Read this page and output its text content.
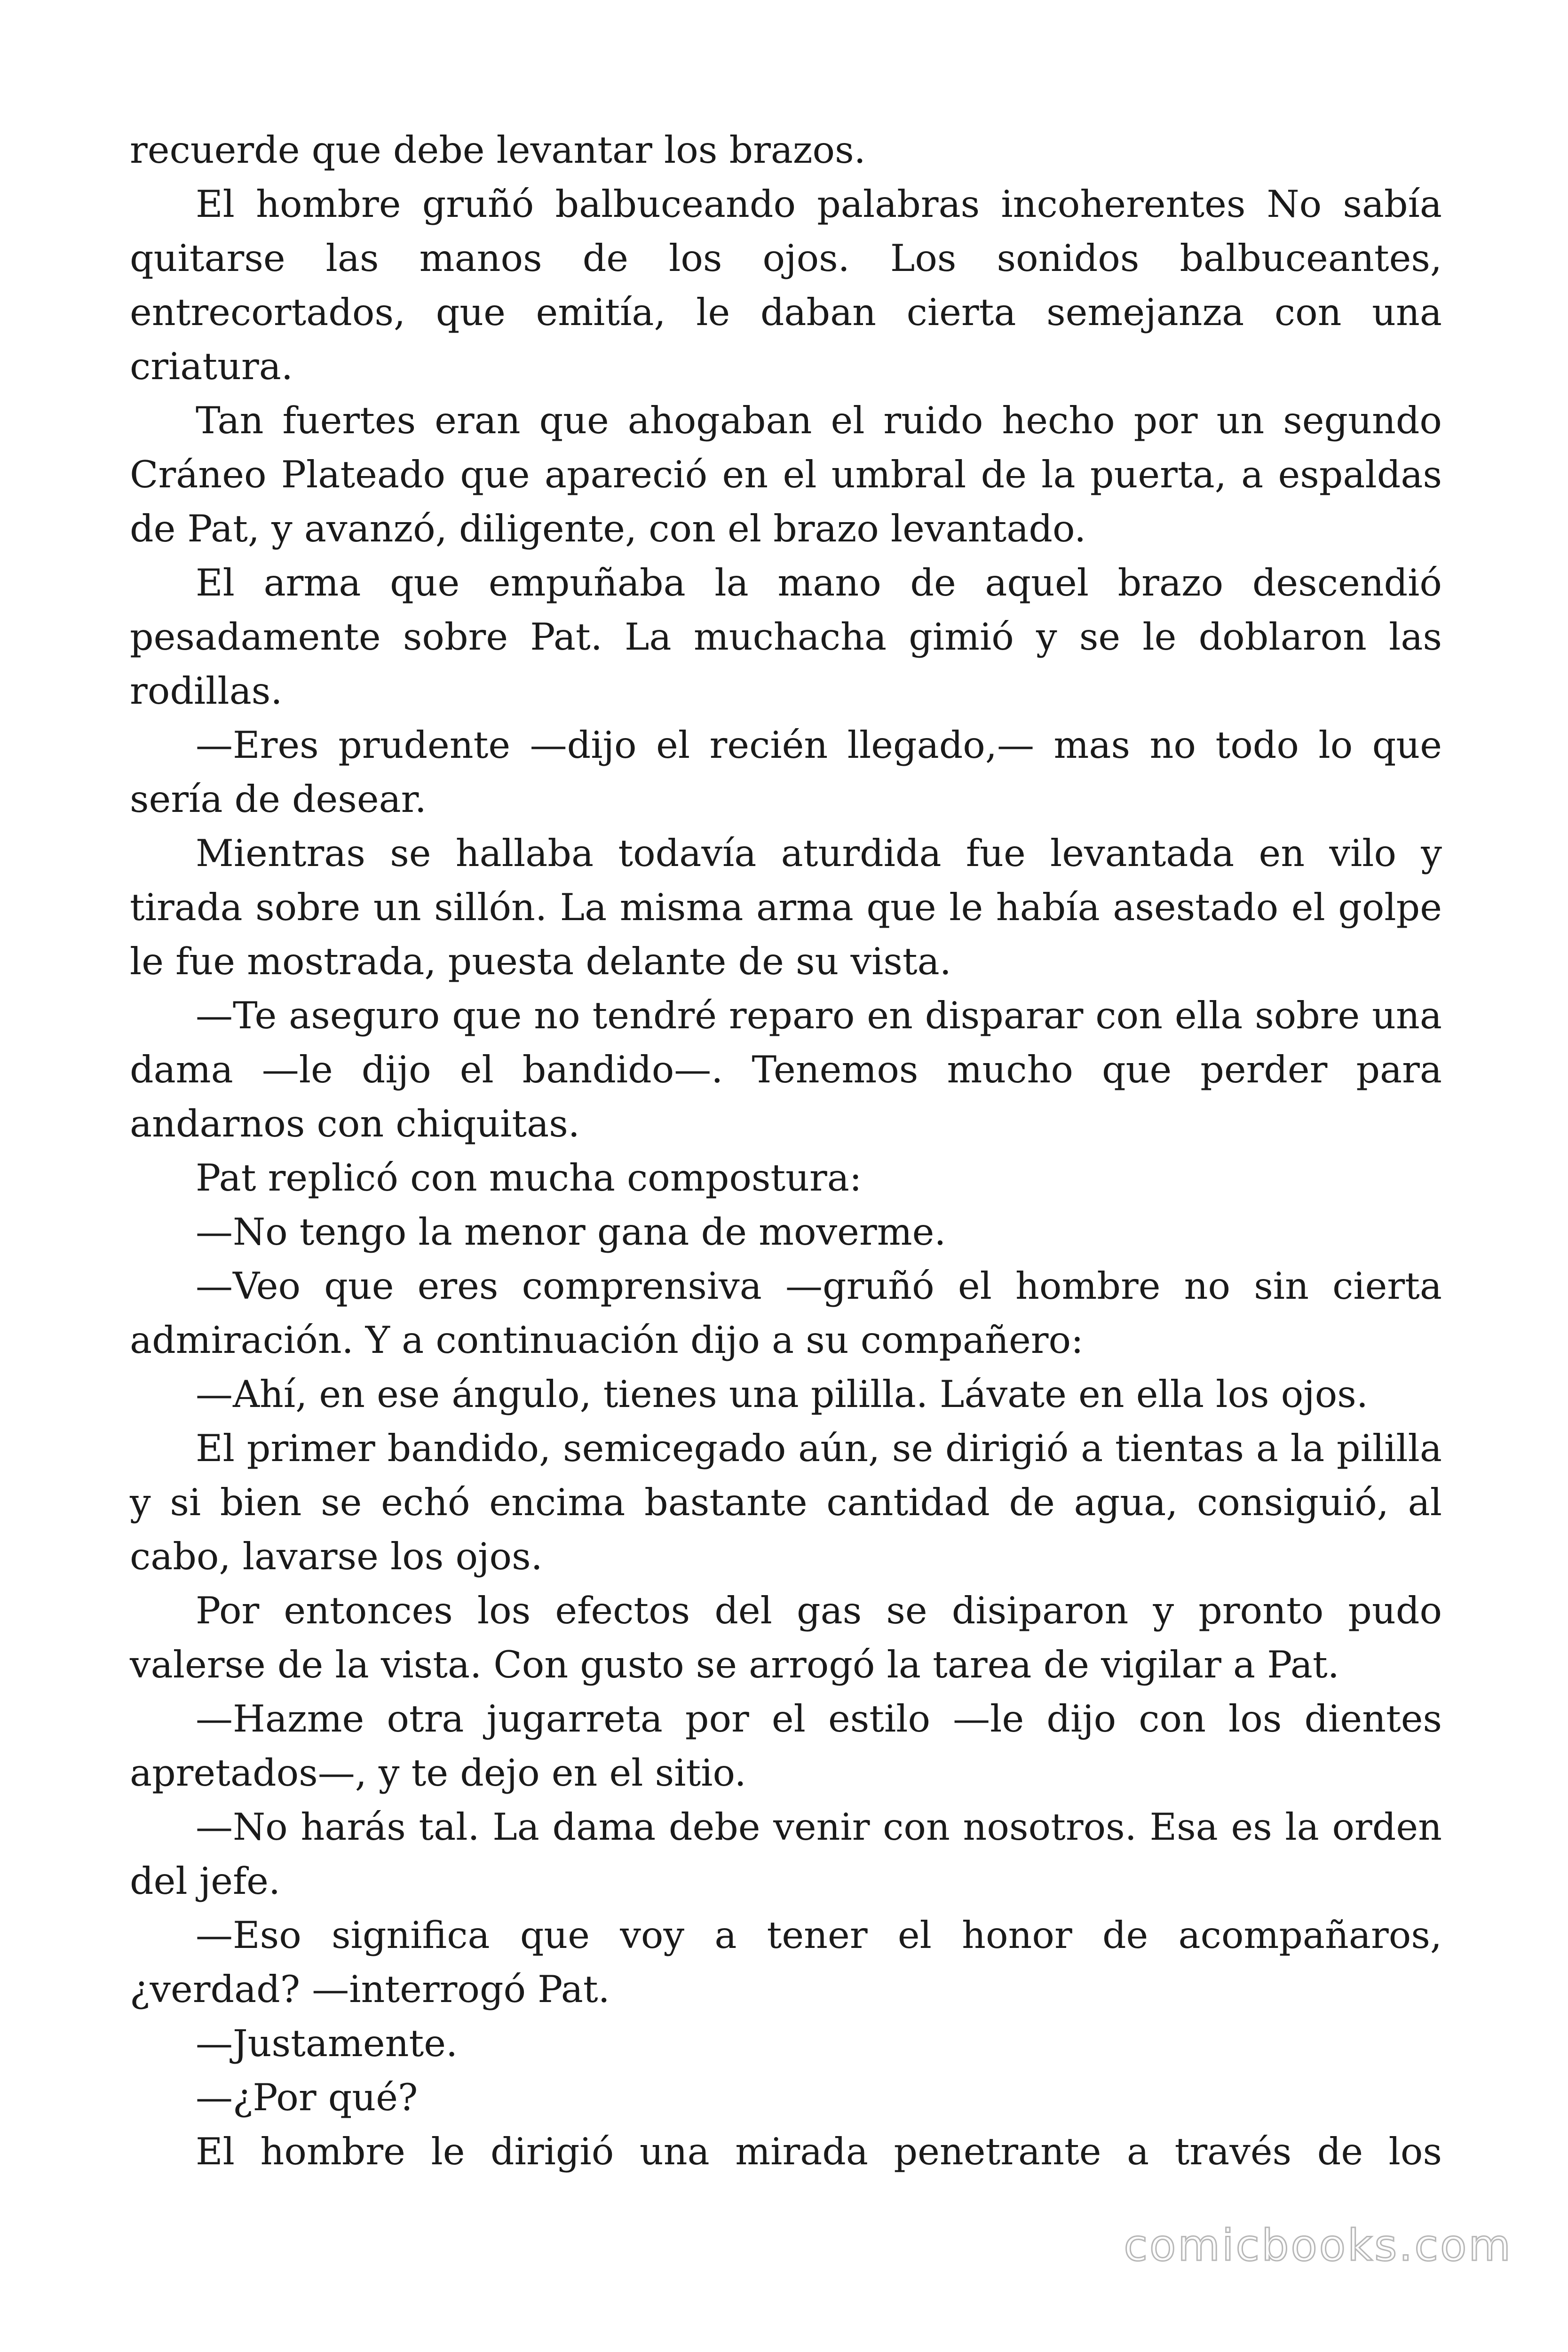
recuerde que debe levantar los brazos.

El hombre gruñó balbuceando palabras incoherentes No sabía quitarse las manos de los ojos. Los sonidos balbuceantes, entrecortados, que emitía, le daban cierta semejanza con una criatura.

Tan fuertes eran que ahogaban el ruido hecho por un segundo Cráneo Plateado que apareció en el umbral de la puerta, a espaldas de Pat, y avanzó, diligente, con el brazo levantado.

El arma que empuñaba la mano de aquel brazo descendió pesadamente sobre Pat. La muchacha gimió y se le doblaron las rodillas.

—Eres prudente —dijo el recién llegado,— mas no todo lo que sería de desear.

Mientras se hallaba todavía aturdida fue levantada en vilo y tirada sobre un sillón. La misma arma que le había asestado el golpe le fue mostrada, puesta delante de su vista.

—Te aseguro que no tendré reparo en disparar con ella sobre una dama —le dijo el bandido—. Tenemos mucho que perder para andarnos con chiquitas.

Pat replicó con mucha compostura:

—No tengo la menor gana de moverme.

—Veo que eres comprensiva —gruñó el hombre no sin cierta admiración. Y a continuación dijo a su compañero:

—Ahí, en ese ángulo, tienes una pililla. Lávate en ella los ojos.

El primer bandido, semicegado aún, se dirigió a tientas a la pililla y si bien se echó encima bastante cantidad de agua, consiguió, al cabo, lavarse los ojos.

Por entonces los efectos del gas se disiparon y pronto pudo valerse de la vista. Con gusto se arrogó la tarea de vigilar a Pat.

—Hazme otra jugarreta por el estilo —le dijo con los dientes apretados—, y te dejo en el sitio.

—No harás tal. La dama debe venir con nosotros. Esa es la orden del jefe.

—Eso significa que voy a tener el honor de acompañaros, ¿verdad? —interrogó Pat.

—Justamente.

—¿Por qué?

El hombre le dirigió una mirada penetrante a través de los

comicbooks.com
